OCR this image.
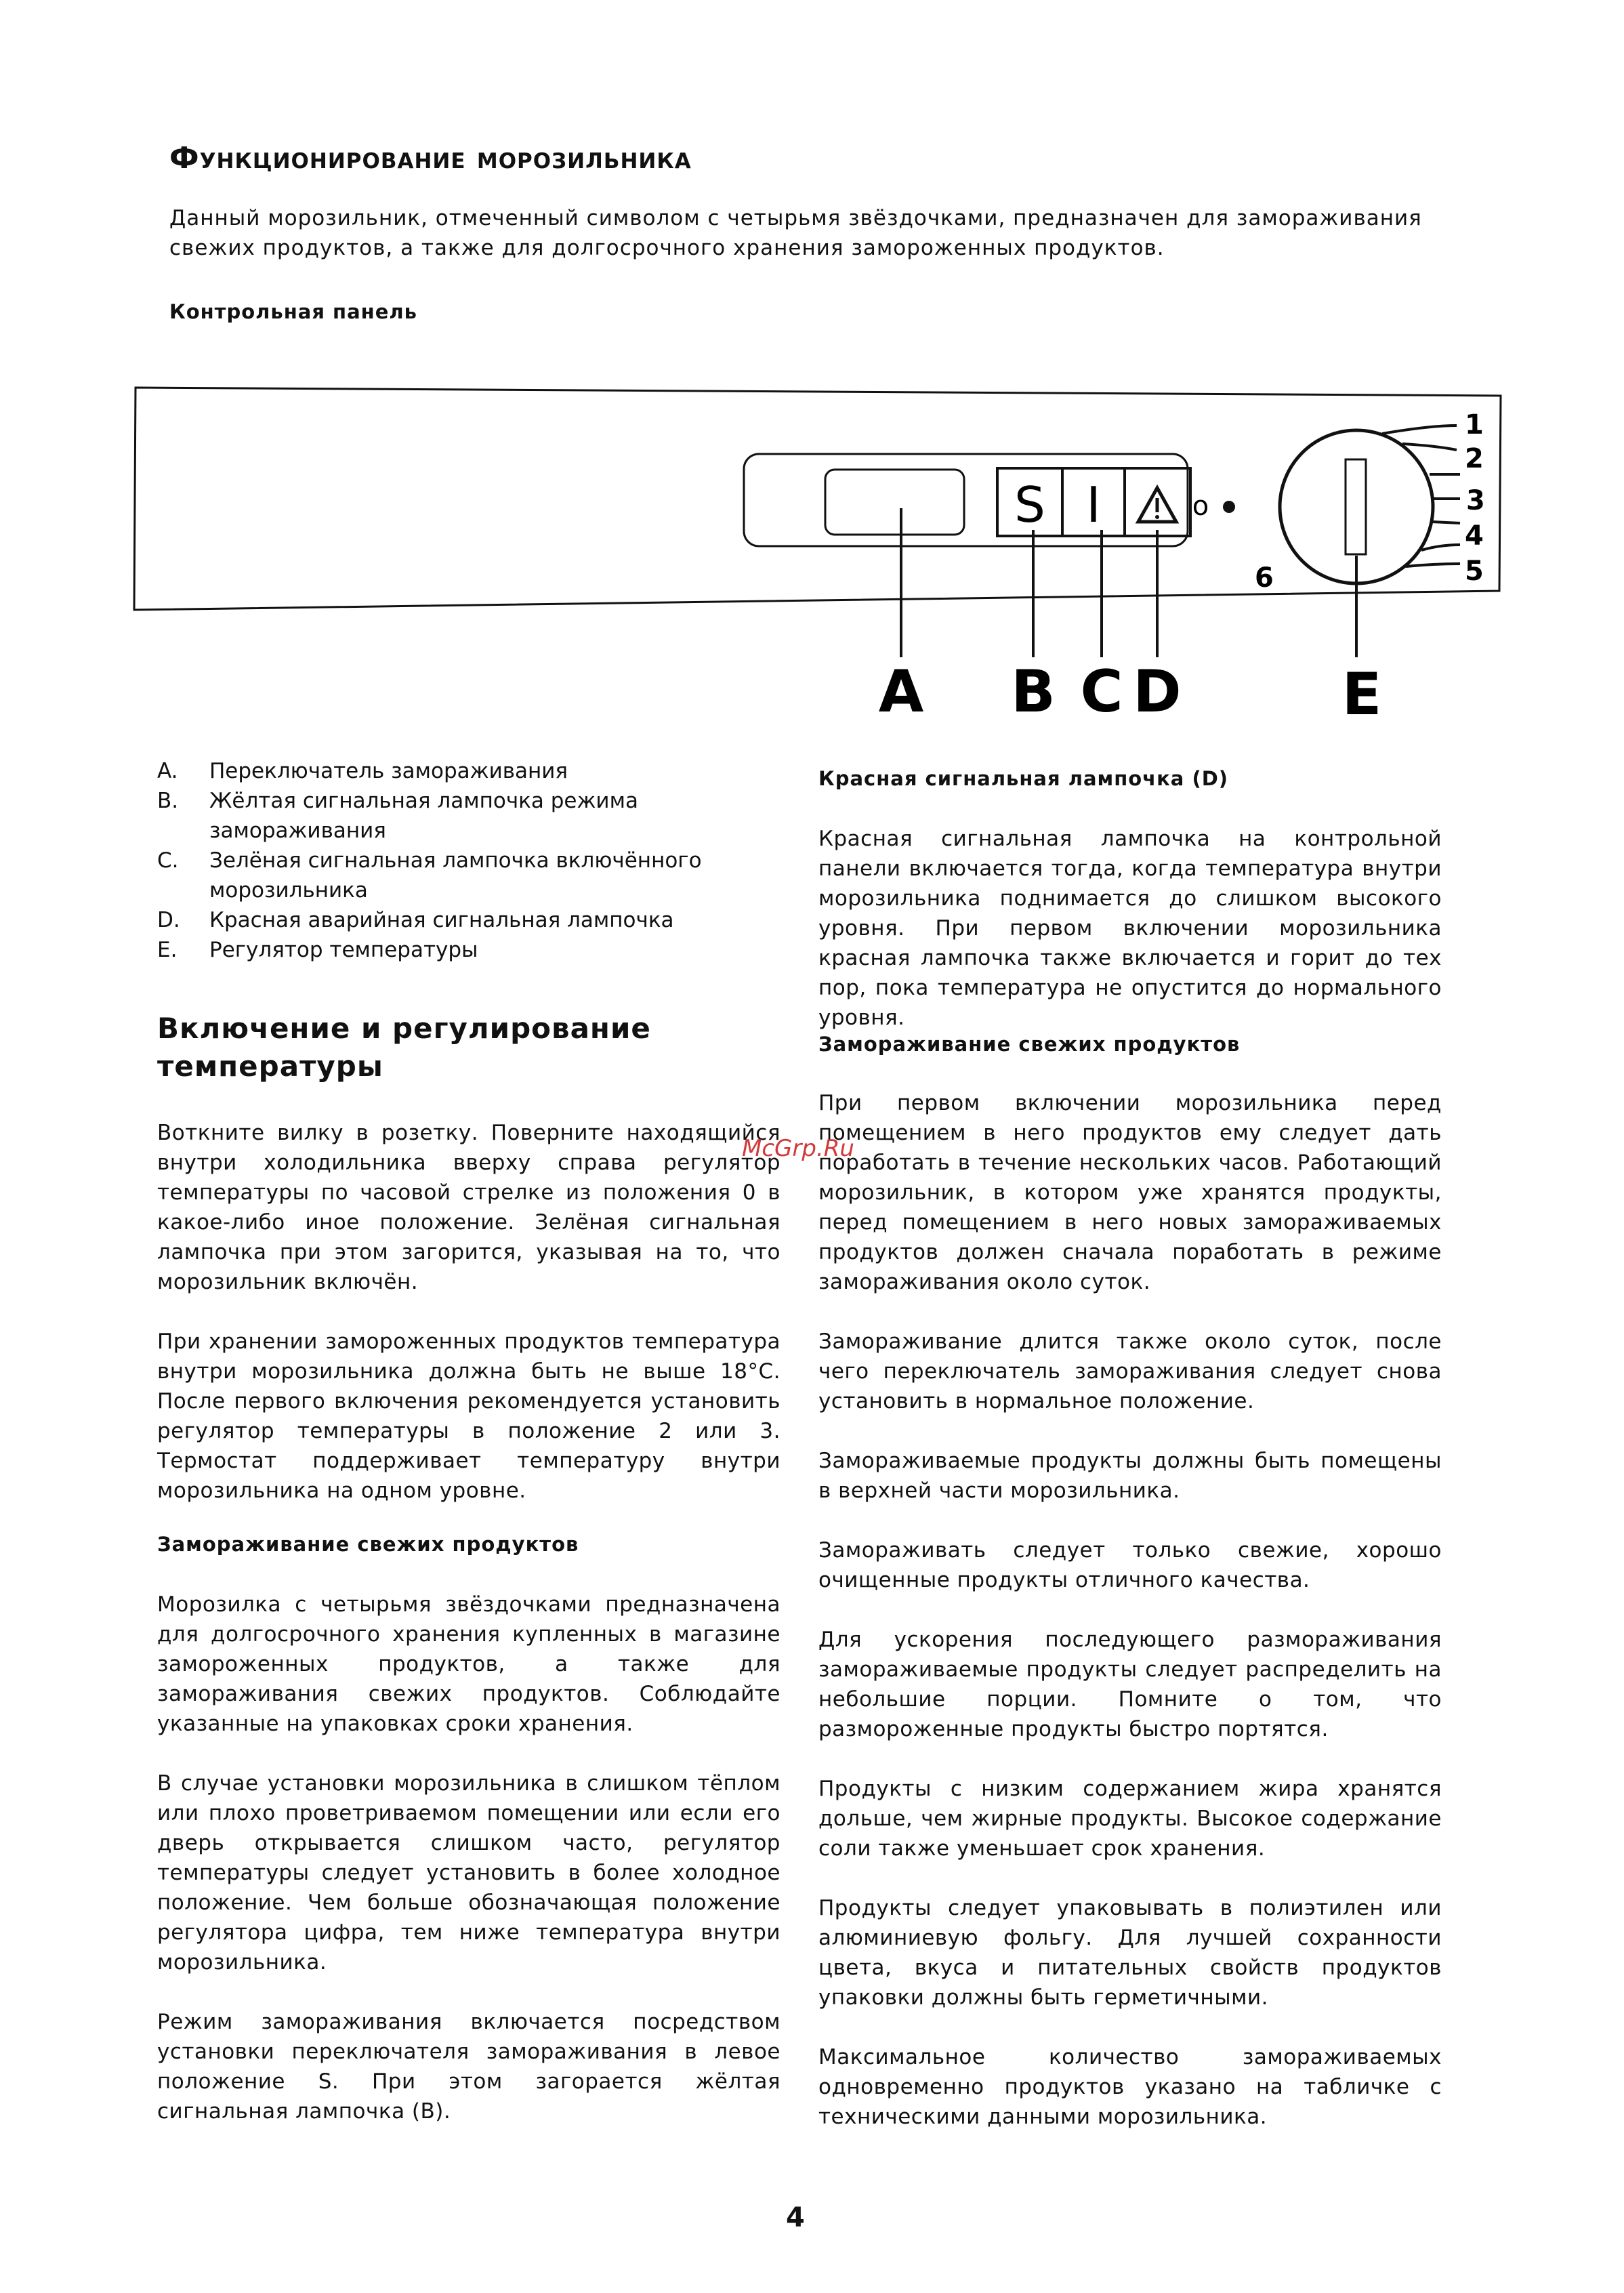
Функционирование морозильника
Данный морозильник, отмеченный символом с четырьмя звёздочками, предназначен для замораживания свежих продуктов, а также для долгосрочного хранения замороженных продуктов.
Контрольная панель
S I	o
1
2
3
4
5
6
A B C D	E
A.	Переключатель замораживания
B.	Жёлтая сигнальная лампочка режима замораживания
C.	Зелёная сигнальная лампочка включённого морозильника
D.	Красная аварийная сигнальная лампочка
E.	Регулятор температуры
Включение и регулирование температуры

Воткните вилку в розетку. Поверните находящийся внутри холодильника вверху справа регулятор температуры по часовой стрелке из положения 0 в какое-либо иное положение. Зелёная сигнальная лампочка при этом загорится, указывая на то, что морозильник включён.

При хранении замороженных продуктов температура внутри морозильника должна быть не выше 18°C. После первого включения рекомендуется установить регулятор температуры в положение 2 или 3. Термостат поддерживает температуру внутри морозильника на одном уровне.

Замораживание свежих продуктов

Морозилка с четырьмя звёздочками предназначена для долгосрочного хранения купленных в магазине замороженных продуктов, а также для замораживания свежих продуктов. Соблюдайте указанные на упаковках сроки хранения.

В случае установки морозильника в слишком тёплом или плохо проветриваемом помещении или если его дверь открывается слишком часто, регулятор температуры следует установить в более холодное положение. Чем больше обозначающая положение регулятора цифра, тем ниже температура внутри морозильника.

Режим замораживания включается посредством установки переключателя замораживания в левое положение S. При этом загорается жёлтая сигнальная лампочка (B).

Красная сигнальная лампочка (D)

Красная сигнальная лампочка на контрольной панели включается тогда, когда температура внутри морозильника поднимается до слишком высокого уровня. При первом включении морозильника красная лампочка также включается и горит до тех пор, пока температура не опустится до нормального уровня.

Замораживание свежих продуктов

При первом включении морозильника перед помещением в него продуктов ему следует дать поработать в течение нескольких часов. Работающий морозильник, в котором уже хранятся продукты, перед помещением в него новых замораживаемых продуктов должен сначала поработать в режиме замораживания около суток.

Замораживание длится также около суток, после чего переключатель замораживания следует снова установить в нормальное положение.

Замораживаемые продукты должны быть помещены в верхней части морозильника.

Замораживать следует только свежие, хорошо очищенные продукты отличного качества.

Для ускорения последующего размораживания замораживаемые продукты следует распределить на небольшие порции. Помните о том, что размороженные продукты быстро портятся.

Продукты с низким содержанием жира хранятся дольше, чем жирные продукты. Высокое содержание соли также уменьшает срок хранения.

Продукты следует упаковывать в полиэтилен или алюминиевую фольгу. Для лучшей сохранности цвета, вкуса и питательных свойств продуктов упаковки должны быть герметичными.

Максимальное количество замораживаемых одновременно продуктов указано на табличке с техническими данными морозильника.

McGrp.Ru
4
